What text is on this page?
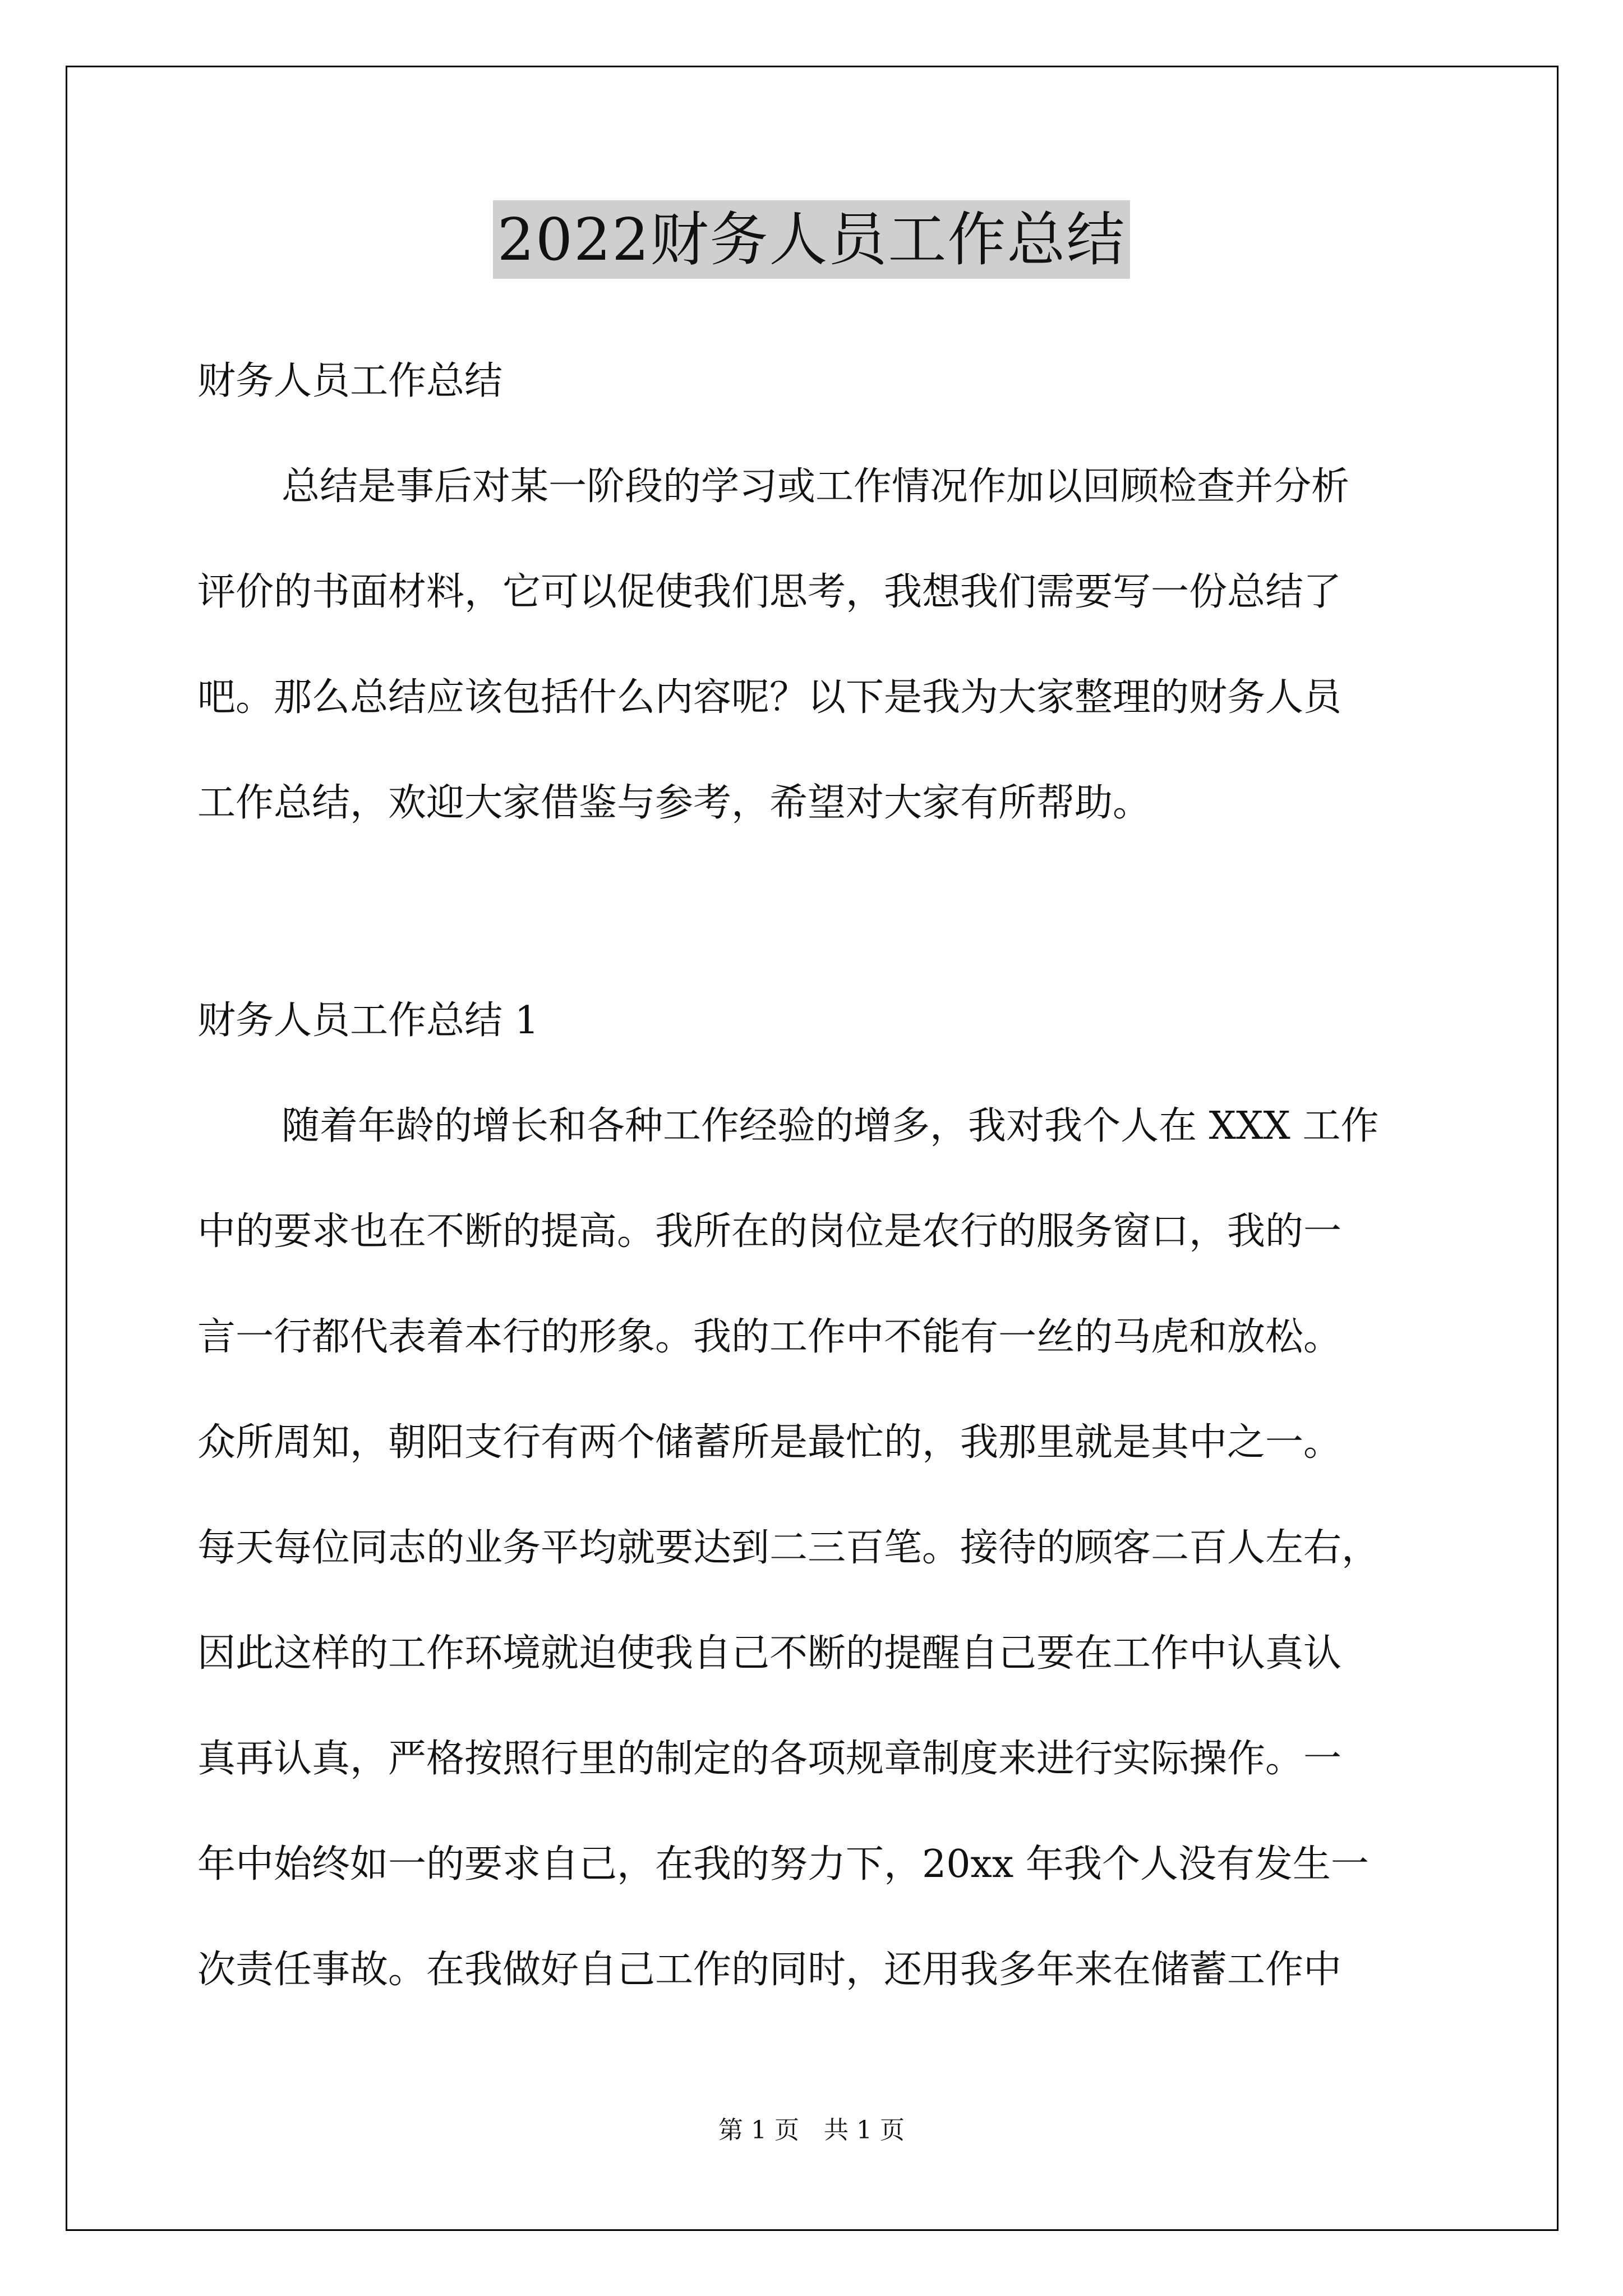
2022财务人员工作总结
财务人员工作总结
总结是事后对某一阶段的学习或工作情况作加以回顾检查并分析
评价的书面材料，它可以促使我们思考，我想我们需要写一份总结了
吧。那么总结应该包括什么内容呢？以下是我为大家整理的财务人员
工作总结，欢迎大家借鉴与参考，希望对大家有所帮助。
财务人员工作总结 1
随着年龄的增长和各种工作经验的增多，我对我个人在 XXX 工作
中的要求也在不断的提高。我所在的岗位是农行的服务窗口，我的一
言一行都代表着本行的形象。我的工作中不能有一丝的马虎和放松。
众所周知，朝阳支行有两个储蓄所是最忙的，我那里就是其中之一。
每天每位同志的业务平均就要达到二三百笔。接待的顾客二百人左右，
因此这样的工作环境就迫使我自己不断的提醒自己要在工作中认真认
真再认真，严格按照行里的制定的各项规章制度来进行实际操作。一
年中始终如一的要求自己，在我的努力下，20xx 年我个人没有发生一
次责任事故。在我做好自己工作的同时，还用我多年来在储蓄工作中
第 1 页　共 1 页
